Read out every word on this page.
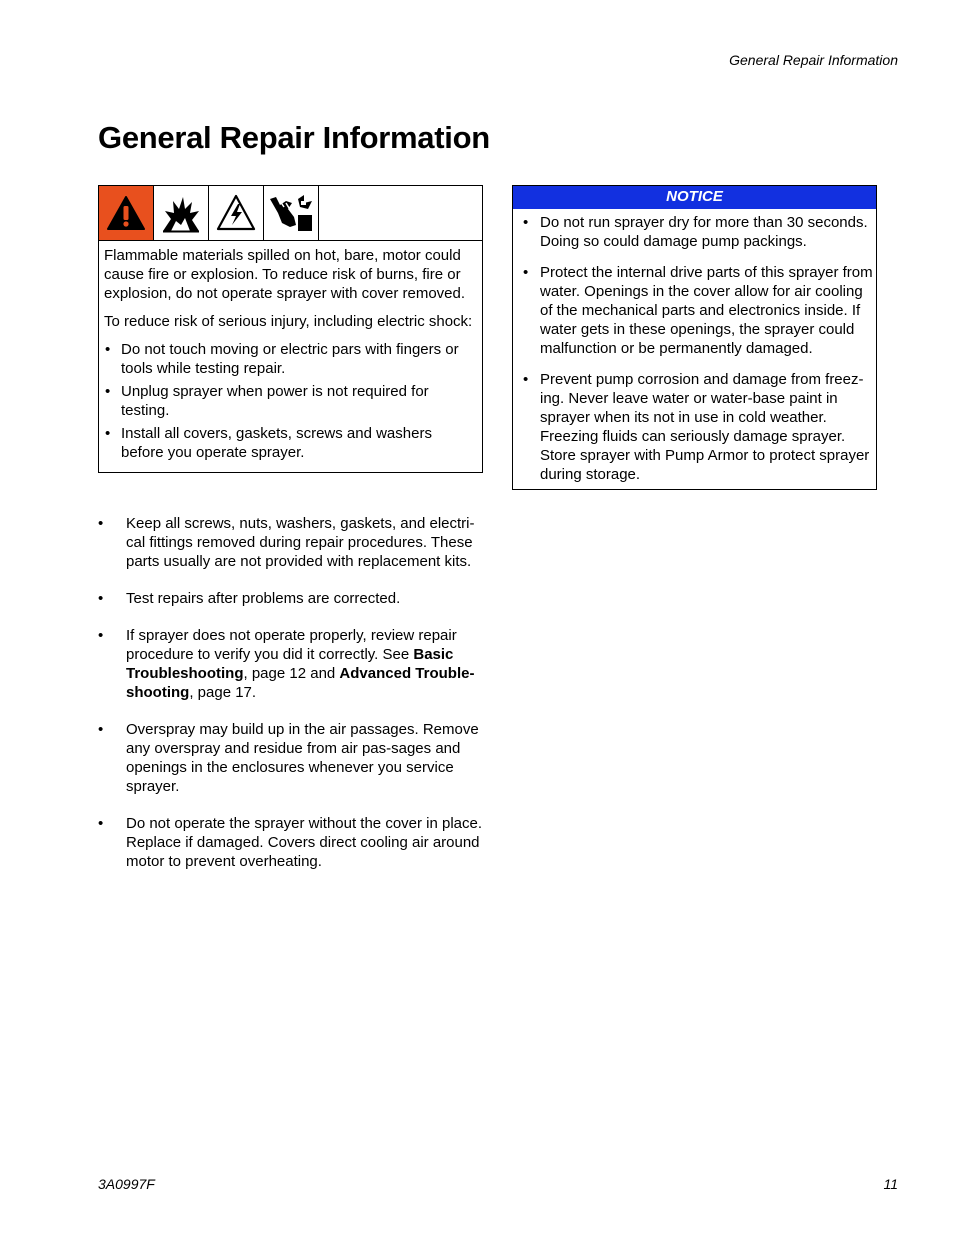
General Repair Information
General Repair Information

Flammable materials spilled on hot, bare, motor could cause fire or explosion. To reduce risk of burns, fire or explosion, do not operate sprayer with cover removed.

To reduce risk of serious injury, including electric shock:

• Do not touch moving or electric pars with fingers or tools while testing repair.
• Unplug sprayer when power is not required for testing.
• Install all covers, gaskets, screws and washers before you operate sprayer.
NOTICE
• Do not run sprayer dry for more than 30 seconds. Doing so could damage pump packings.
• Protect the internal drive parts of this sprayer from water. Openings in the cover allow for air cooling of the mechanical parts and electronics inside. If water gets in these openings, the sprayer could malfunction or be permanently damaged.
• Prevent pump corrosion and damage from freez-ing. Never leave water or water-base paint in sprayer when its not in use in cold weather. Freezing fluids can seriously damage sprayer. Store sprayer with Pump Armor to protect sprayer during storage.
• Keep all screws, nuts, washers, gaskets, and electri-cal fittings removed during repair procedures. These parts usually are not provided with replacement kits.
• Test repairs after problems are corrected.
• If sprayer does not operate properly, review repair procedure to verify you did it correctly. See Basic Troubleshooting, page 12 and Advanced Trouble-shooting, page 17.
• Overspray may build up in the air passages. Remove any overspray and residue from air pas-sages and openings in the enclosures whenever you service sprayer.
• Do not operate the sprayer without the cover in place. Replace if damaged. Covers direct cooling air around motor to prevent overheating.
3A0997F	11
